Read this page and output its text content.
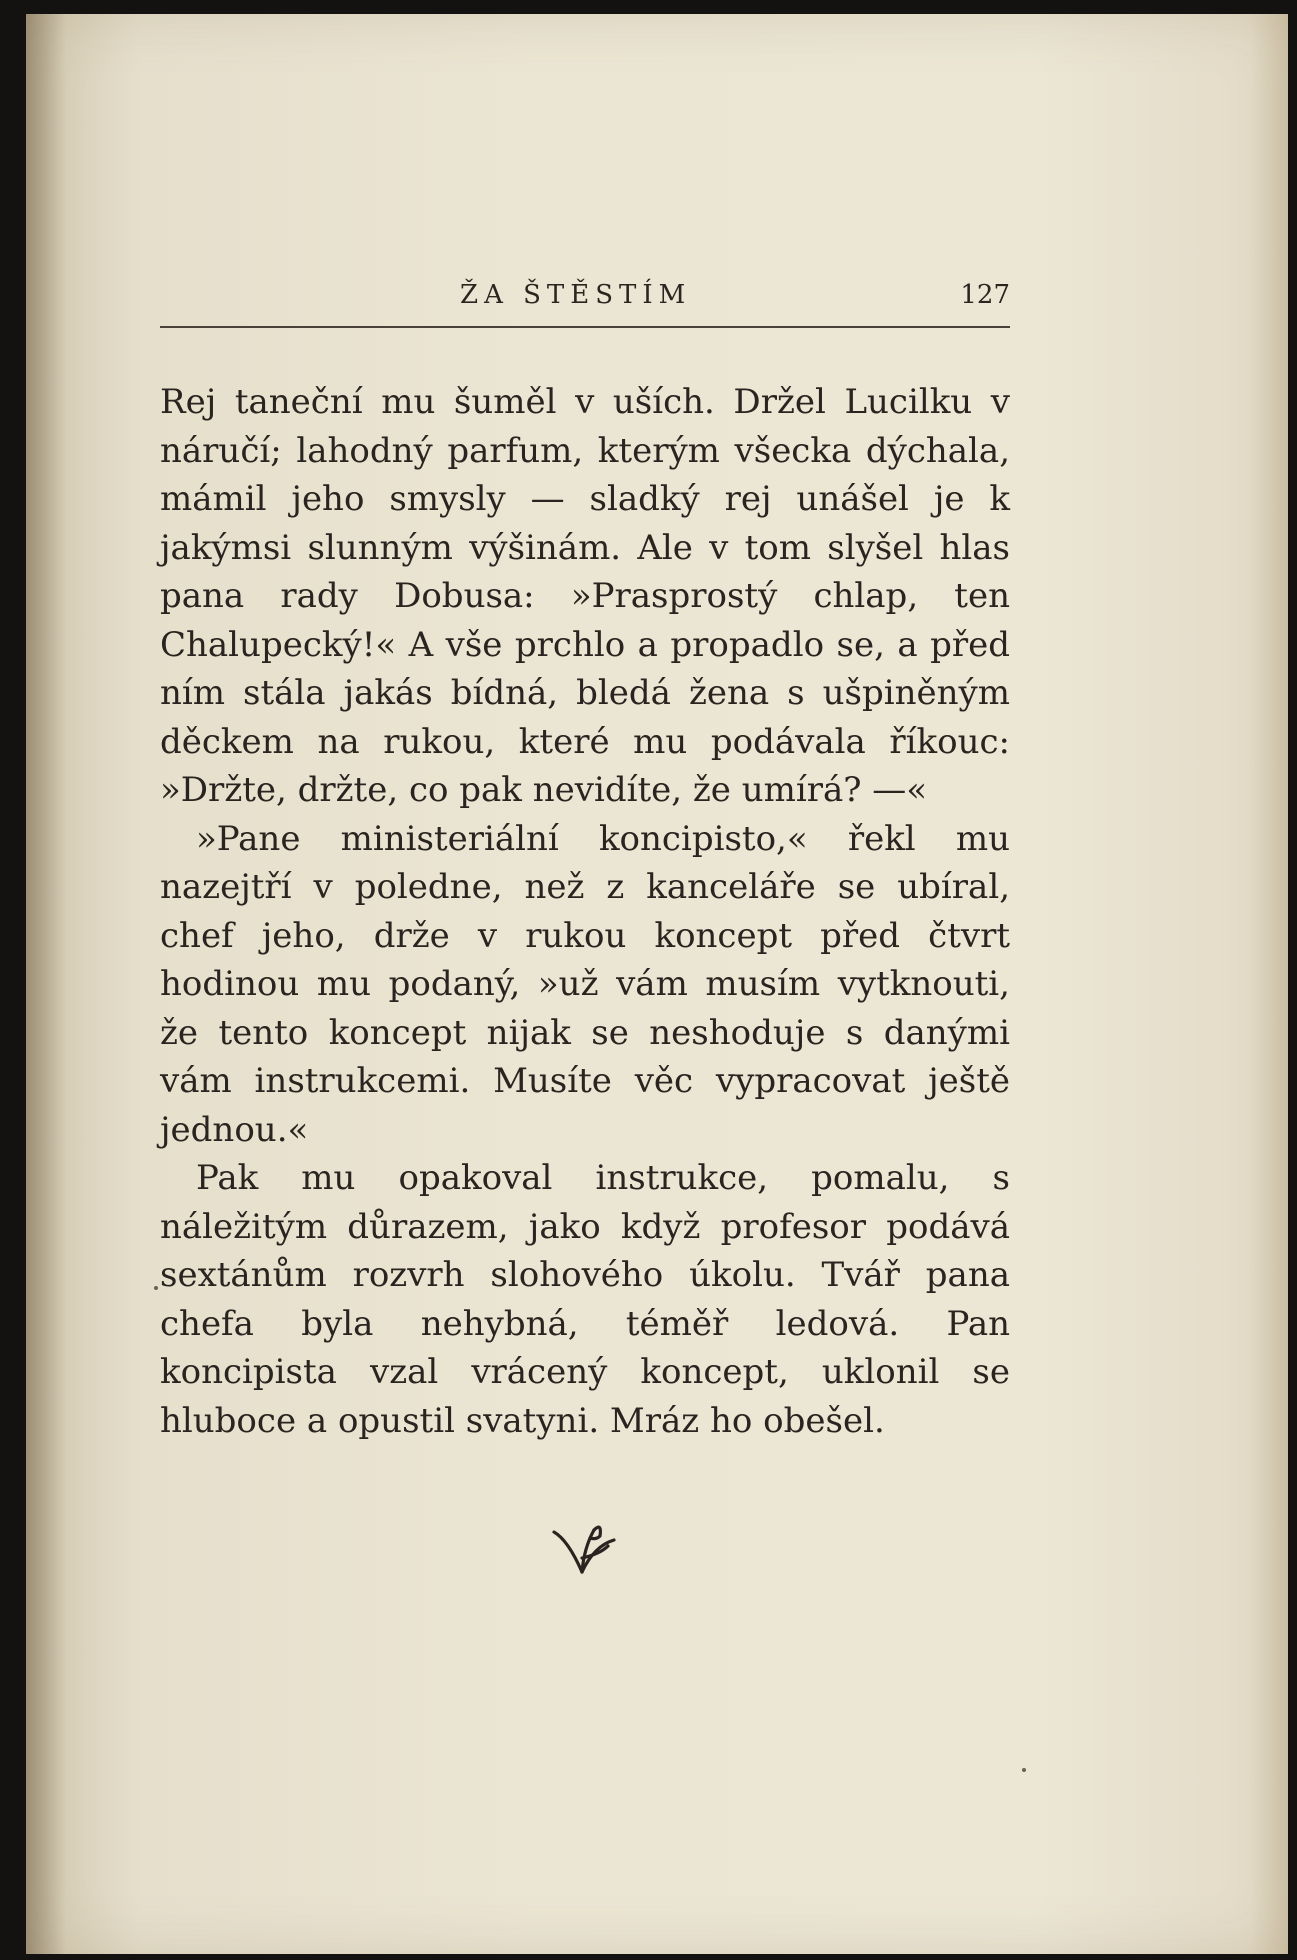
ŽA ŠTĚSTÍM	127

Rej taneční mu šuměl v uších. Držel Lucilku v náručí; lahodný parfum, kterým všecka dýchala, mámil jeho smysly — sladký rej unášel je k jakýmsi slunným výšinám. Ale v tom slyšel hlas pana rady Dobusa: »Prasprostý chlap, ten Chalupecký!« A vše prchlo a propadlo se, a před ním stála jakás bídná, bledá žena s ušpiněným děckem na rukou, které mu podávala říkouc: »Držte, držte, co pak nevidíte, že umírá? —«

»Pane ministeriální koncipisto,« řekl mu nazejtří v poledne, než z kanceláře se ubíral, chef jeho, drže v rukou koncept před čtvrt hodinou mu podaný, »už vám musím vytknouti, že tento koncept nijak se neshoduje s danými vám instrukcemi. Musíte věc vypracovat ještě jednou.«

Pak mu opakoval instrukce, pomalu, s náležitým důrazem, jako když profesor podává sextánům rozvrh slohového úkolu. Tvář pana chefa byla nehybná, téměř ledová. Pan koncipista vzal vrácený koncept, uklonil se hluboce a opustil svatyni. Mráz ho obešel.
